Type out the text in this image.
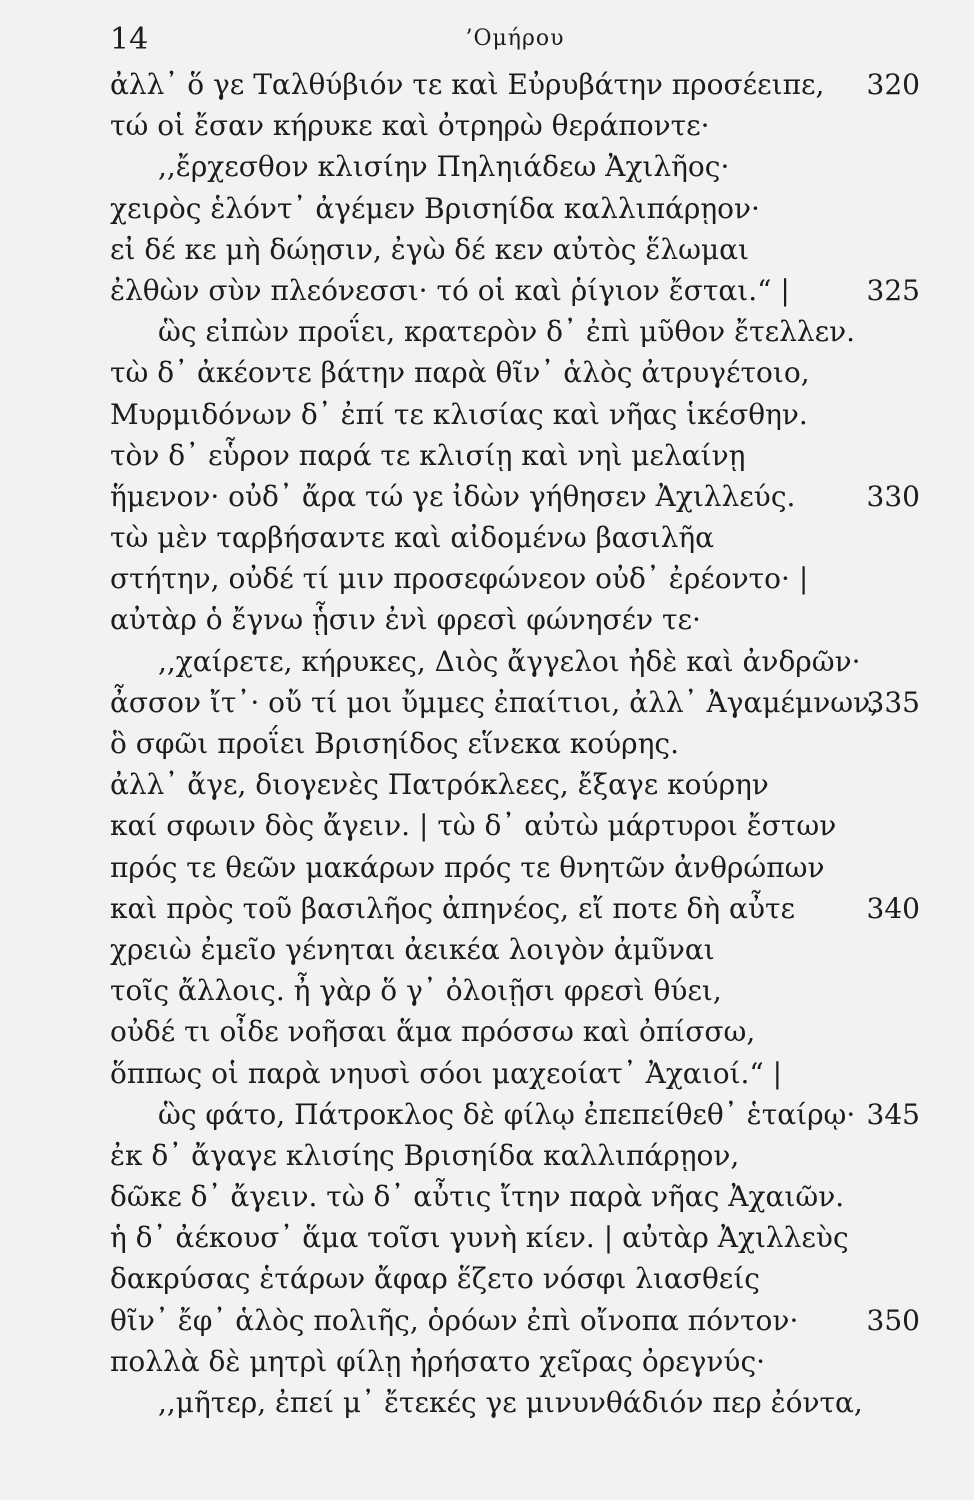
14	’Ομήρου
ἀλλ᾽ ὅ γε Ταλθύβιόν τε καὶ Εὐρυβάτην προσέειπε, 320
τώ οἱ ἔσαν κήρυκε καὶ ὀτρηρὼ θεράποντε·
,,ἔρχεσθον κλισίην Πηληιάδεω Ἀχιλῆος·
χειρὸς ἑλόντ᾽ ἀγέμεν Βρισηίδα καλλιπάρῃον·
εἰ δέ κε μὴ δώῃσιν, ἐγὼ δέ κεν αὐτὸς ἕλωμαι
ἐλθὼν σὺν πλεόνεσσι· τό οἱ καὶ ῥίγιον ἔσται.“ |	325
ὣς εἰπὼν προΐει, κρατερὸν δ᾽ ἐπὶ μῦθον ἔτελλεν.
τὼ δ᾽ ἀκέοντε βάτην παρὰ θῖν᾽ ἁλὸς ἀτρυγέτοιο,
Μυρμιδόνων δ᾽ ἐπί τε κλισίας καὶ νῆας ἱκέσθην.
τὸν δ᾽ εὗρον παρά τε κλισίῃ καὶ νηὶ μελαίνῃ
ἥμενον· οὐδ᾽ ἄρα τώ γε ἰδὼν γήθησεν Ἀχιλλεύς.	330
τὼ μὲν ταρβήσαντε καὶ αἰδομένω βασιλῆα
στήτην, οὐδέ τί μιν προσεφώνεον οὐδ᾽ ἐρέοντο· |
αὐτὰρ ὁ ἔγνω ᾗσιν ἐνὶ φρεσὶ φώνησέν τε·
,,χαίρετε, κήρυκες, Διὸς ἄγγελοι ἠδὲ καὶ ἀνδρῶν·
ἆσσον ἴτ᾽· οὔ τί μοι ὔμμες ἐπαίτιοι, ἀλλ᾽ Ἀγαμέμνων,
335
ὃ σφῶι προΐει Βρισηίδος εἵνεκα κούρης.
ἀλλ᾽ ἄγε, διογενὲς Πατρόκλεες, ἔξαγε κούρην
καί σφωιν δὸς ἄγειν. | τὼ δ᾽ αὐτὼ μάρτυροι ἔστων
πρός τε θεῶν μακάρων πρός τε θνητῶν ἀνθρώπων
καὶ πρὸς τοῦ βασιλῆος ἀπηνέος, εἴ ποτε δὴ αὖτε	340
χρειὼ ἐμεῖο γένηται ἀεικέα λοιγὸν ἀμῦναι
τοῖς ἄλλοις. ἦ γὰρ ὅ γ᾽ ὀλοιῇσι φρεσὶ θύει,
οὐδέ τι οἶδε νοῆσαι ἅμα πρόσσω καὶ ὀπίσσω,
ὅππως οἱ παρὰ νηυσὶ σόοι μαχεοίατ᾽ Ἀχαιοί.“ |
ὣς φάτο, Πάτροκλος δὲ φίλῳ ἐπεπείθεθ᾽ ἑταίρῳ· 345
ἐκ δ᾽ ἄγαγε κλισίης Βρισηίδα καλλιπάρῃον,
δῶκε δ᾽ ἄγειν. τὼ δ᾽ αὖτις ἴτην παρὰ νῆας Ἀχαιῶν.
ἡ δ᾽ ἀέκουσ᾽ ἅμα τοῖσι γυνὴ κίεν. | αὐτὰρ Ἀχιλλεὺς
δακρύσας ἑτάρων ἄφαρ ἕζετο νόσφι λιασθείς
θῖν᾽ ἔφ᾽ ἁλὸς πολιῆς, ὁρόων ἐπὶ οἴνοπα πόντον· 350
πολλὰ δὲ μητρὶ φίλῃ ἠρήσατο χεῖρας ὀρεγνύς·
,,μῆτερ, ἐπεί μ᾽ ἔτεκές γε μινυνθάδιόν περ ἐόντα,
